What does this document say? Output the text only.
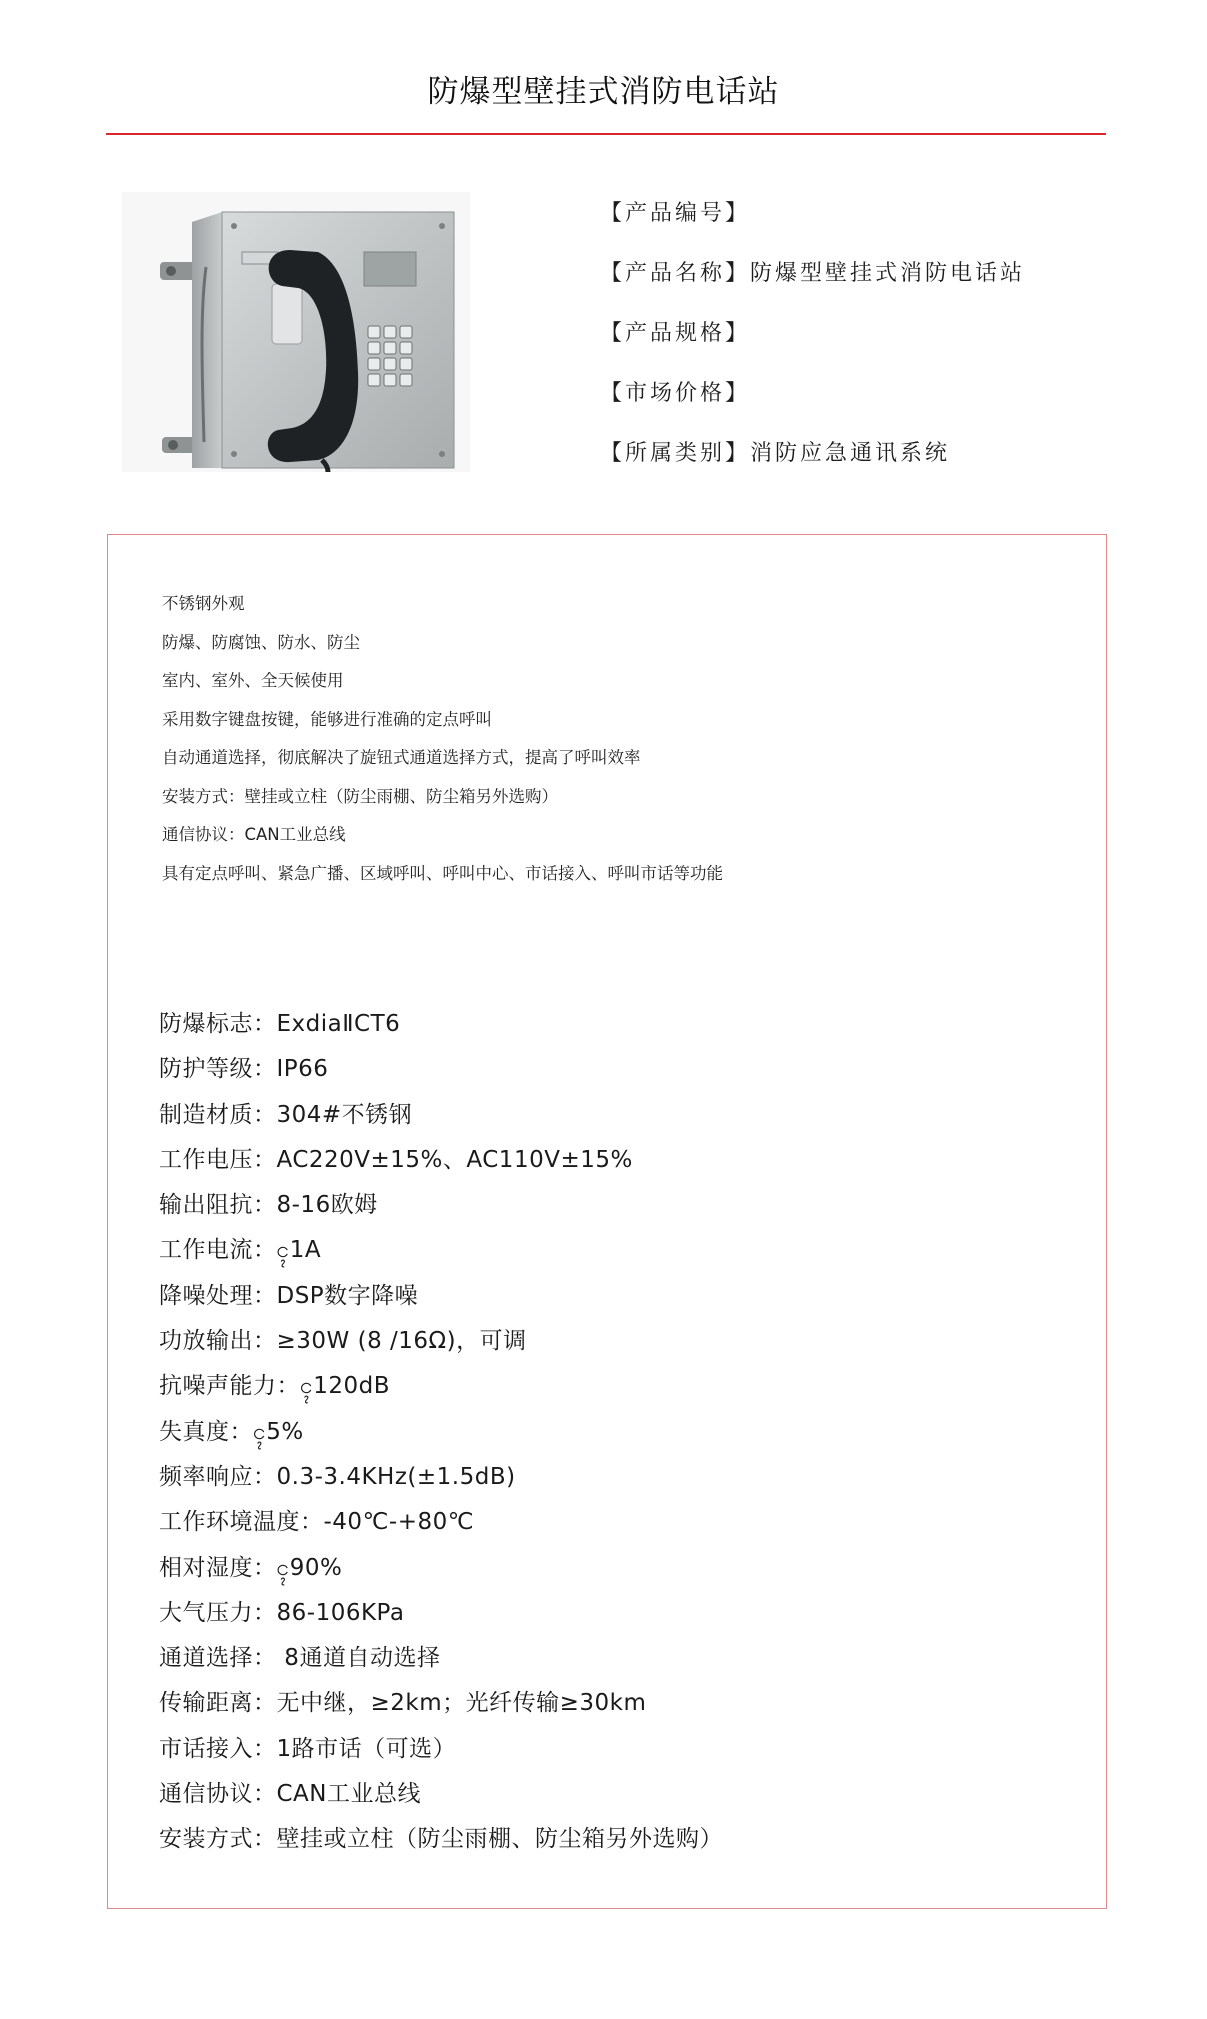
防爆型壁挂式消防电话站
【产品编号】
【产品名称】防爆型壁挂式消防电话站
【产品规格】
【市场价格】
【所属类别】消防应急通讯系统
不锈钢外观
防爆、防腐蚀、防水、防尘
室内、室外、全天候使用
采用数字键盘按键，能够进行准确的定点呼叫
自动通道选择，彻底解决了旋钮式通道选择方式，提高了呼叫效率
安装方式：壁挂或立柱（防尘雨棚、防尘箱另外选购）
通信协议：CAN工业总线
具有定点呼叫、紧急广播、区域呼叫、呼叫中心、市话接入、呼叫市话等功能
防爆标志：ExdiaⅡCT6
防护等级：IP66
制造材质：304#不锈钢
工作电压：AC220V±15%、AC110V±15%
输出阻抗：8-16欧姆
工作电流：ၚ1A
降噪处理：DSP数字降噪
功放输出：≥30W (8 /16Ω)，可调
抗噪声能力：ၚ120dB
失真度：ၚ5%
频率响应：0.3-3.4KHz(±1.5dB)
工作环境温度：-40℃-+80℃
相对湿度：ၚ90%
大气压力：86-106KPa
通道选择： 8通道自动选择
传输距离：无中继，≥2km；光纤传输≥30km
市话接入：1路市话（可选）
通信协议：CAN工业总线
安装方式：壁挂或立柱（防尘雨棚、防尘箱另外选购）
